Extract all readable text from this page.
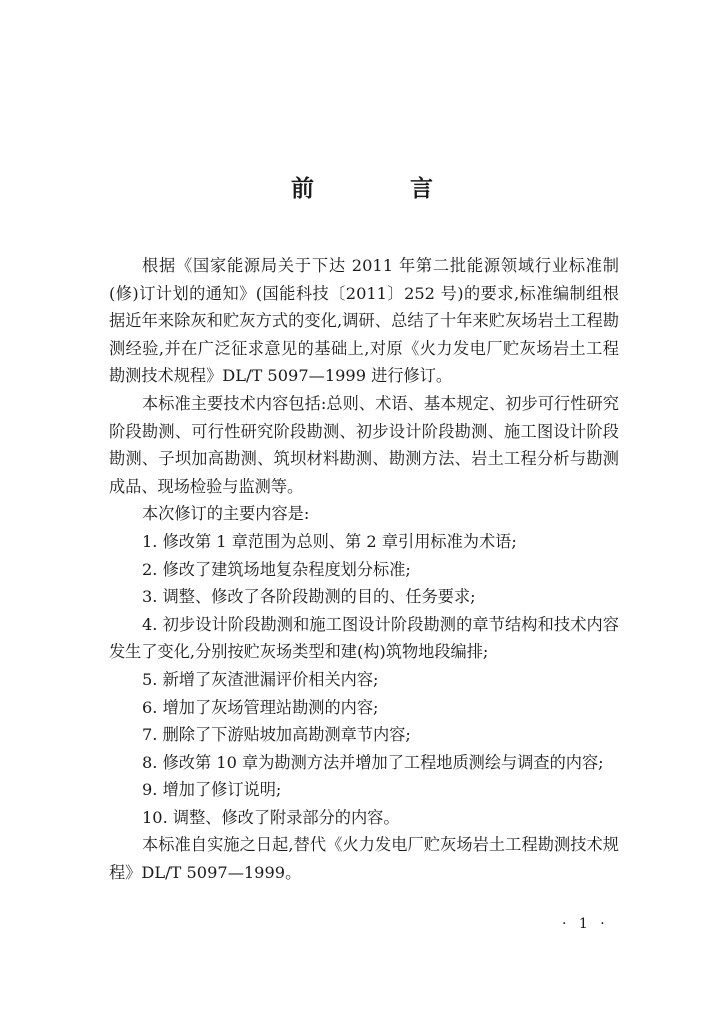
前 言

根据《国家能源局关于下达 2011 年第二批能源领域行业标准制(修)订计划的通知》(国能科技〔2011〕252 号)的要求,标准编制组根据近年来除灰和贮灰方式的变化,调研、总结了十年来贮灰场岩土工程勘测经验,并在广泛征求意见的基础上,对原《火力发电厂贮灰场岩土工程勘测技术规程》DL/T 5097—1999 进行修订。

本标准主要技术内容包括:总则、术语、基本规定、初步可行性研究阶段勘测、可行性研究阶段勘测、初步设计阶段勘测、施工图设计阶段勘测、子坝加高勘测、筑坝材料勘测、勘测方法、岩土工程分析与勘测成品、现场检验与监测等。

本次修订的主要内容是:

1. 修改第 1 章范围为总则、第 2 章引用标准为术语;

2. 修改了建筑场地复杂程度划分标准;

3. 调整、修改了各阶段勘测的目的、任务要求;

4. 初步设计阶段勘测和施工图设计阶段勘测的章节结构和技术内容发生了变化,分别按贮灰场类型和建(构)筑物地段编排;

5. 新增了灰渣泄漏评价相关内容;

6. 增加了灰场管理站勘测的内容;

7. 删除了下游贴坡加高勘测章节内容;

8. 修改第 10 章为勘测方法并增加了工程地质测绘与调查的内容;

9. 增加了修订说明;

10. 调整、修改了附录部分的内容。

本标准自实施之日起,替代《火力发电厂贮灰场岩土工程勘测技术规程》DL/T 5097—1999。

· 1 ·
